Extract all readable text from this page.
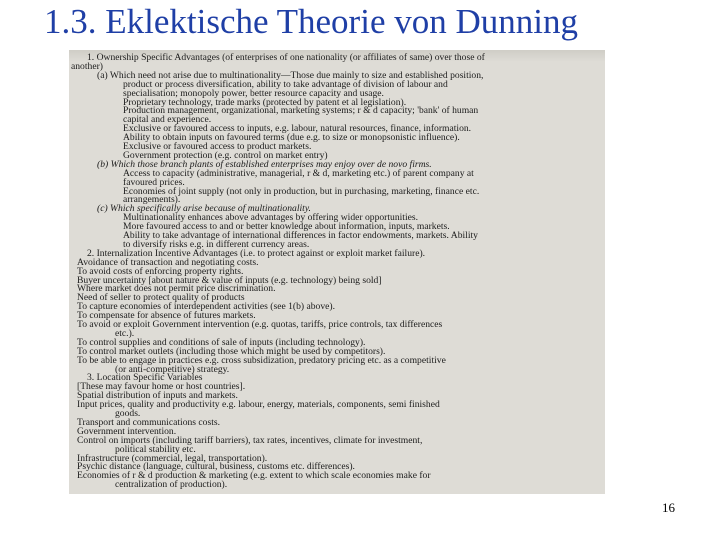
1.3. Eklektische Theorie von Dunning
1. Ownership Specific Advantages (of enterprises of one nationality (or affiliates of same) over those of
another)
(a) Which need not arise due to multinationality—Those due mainly to size and established position,
product or process diversification, ability to take advantage of division of labour and
specialisation; monopoly power, better resource capacity and usage.
Proprietary technology, trade marks (protected by patent et al legislation).
Production management, organizational, marketing systems; r & d capacity; 'bank' of human
capital and experience.
Exclusive or favoured access to inputs, e.g. labour, natural resources, finance, information.
Ability to obtain inputs on favoured terms (due e.g. to size or monopsonistic influence).
Exclusive or favoured access to product markets.
Government protection (e.g. control on market entry)
(b) Which those branch plants of established enterprises may enjoy over de novo firms.
Access to capacity (administrative, managerial, r & d, marketing etc.) of parent company at
favoured prices.
Economies of joint supply (not only in production, but in purchasing, marketing, finance etc.
arrangements).
(c) Which specifically arise because of multinationality.
Multinationality enhances above advantages by offering wider opportunities.
More favoured access to and or better knowledge about information, inputs, markets.
Ability to take advantage of international differences in factor endowments, markets. Ability
to diversify risks e.g. in different currency areas.
2. Internalization Incentive Advantages (i.e. to protect against or exploit market failure).
Avoidance of transaction and negotiating costs.
To avoid costs of enforcing property rights.
Buyer uncertainty [about nature & value of inputs (e.g. technology) being sold]
Where market does not permit price discrimination.
Need of seller to protect quality of products
To capture economies of interdependent activities (see 1(b) above).
To compensate for absence of futures markets.
To avoid or exploit Government intervention (e.g. quotas, tariffs, price controls, tax differences
etc.).
To control supplies and conditions of sale of inputs (including technology).
To control market outlets (including those which might be used by competitors).
To be able to engage in practices e.g. cross subsidization, predatory pricing etc. as a competitive
(or anti-competitive) strategy.
3. Location Specific Variables
[These may favour home or host countries].
Spatial distribution of inputs and markets.
Input prices, quality and productivity e.g. labour, energy, materials, components, semi finished
goods.
Transport and communications costs.
Government intervention.
Control on imports (including tariff barriers), tax rates, incentives, climate for investment,
political stability etc.
Infrastructure (commercial, legal, transportation).
Psychic distance (language, cultural, business, customs etc. differences).
Economies of r & d production & marketing (e.g. extent to which scale economies make for
centralization of production).
16
